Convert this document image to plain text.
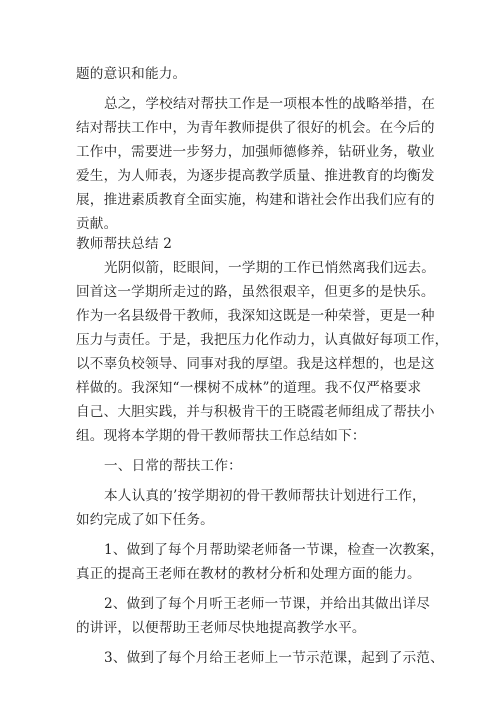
题的意识和能力。
总之，学校结对帮扶工作是一项根本性的战略举措，在
结对帮扶工作中，为青年教师提供了很好的机会。在今后的
工作中，需要进一步努力，加强师德修养，钻研业务，敬业
爱生，为人师表，为逐步提高教学质量、推进教育的均衡发
展，推进素质教育全面实施，构建和谐社会作出我们应有的
贡献。
教师帮扶总结 2
光阴似箭，眨眼间，一学期的工作已悄然离我们远去。
回首这一学期所走过的路，虽然很艰辛，但更多的是快乐。
作为一名县级骨干教师，我深知这既是一种荣誉，更是一种
压力与责任。于是，我把压力化作动力，认真做好每项工作，
以不辜负校领导、同事对我的厚望。我是这样想的，也是这
样做的。我深知“一棵树不成林”的道理。我不仅严格要求
自己、大胆实践，并与积极肯干的王晓霞老师组成了帮扶小
组。现将本学期的骨干教师帮扶工作总结如下：
一、日常的帮扶工作：
本人认真的’按学期初的骨干教师帮扶计划进行工作，
如约完成了如下任务。
1、做到了每个月帮助梁老师备一节课，检查一次教案，
真正的提高王老师在教材的教材分析和处理方面的能力。
2、做到了每个月听王老师一节课，并给出其做出详尽
的讲评，以便帮助王老师尽快地提高教学水平。
3、做到了每个月给王老师上一节示范课，起到了示范、
